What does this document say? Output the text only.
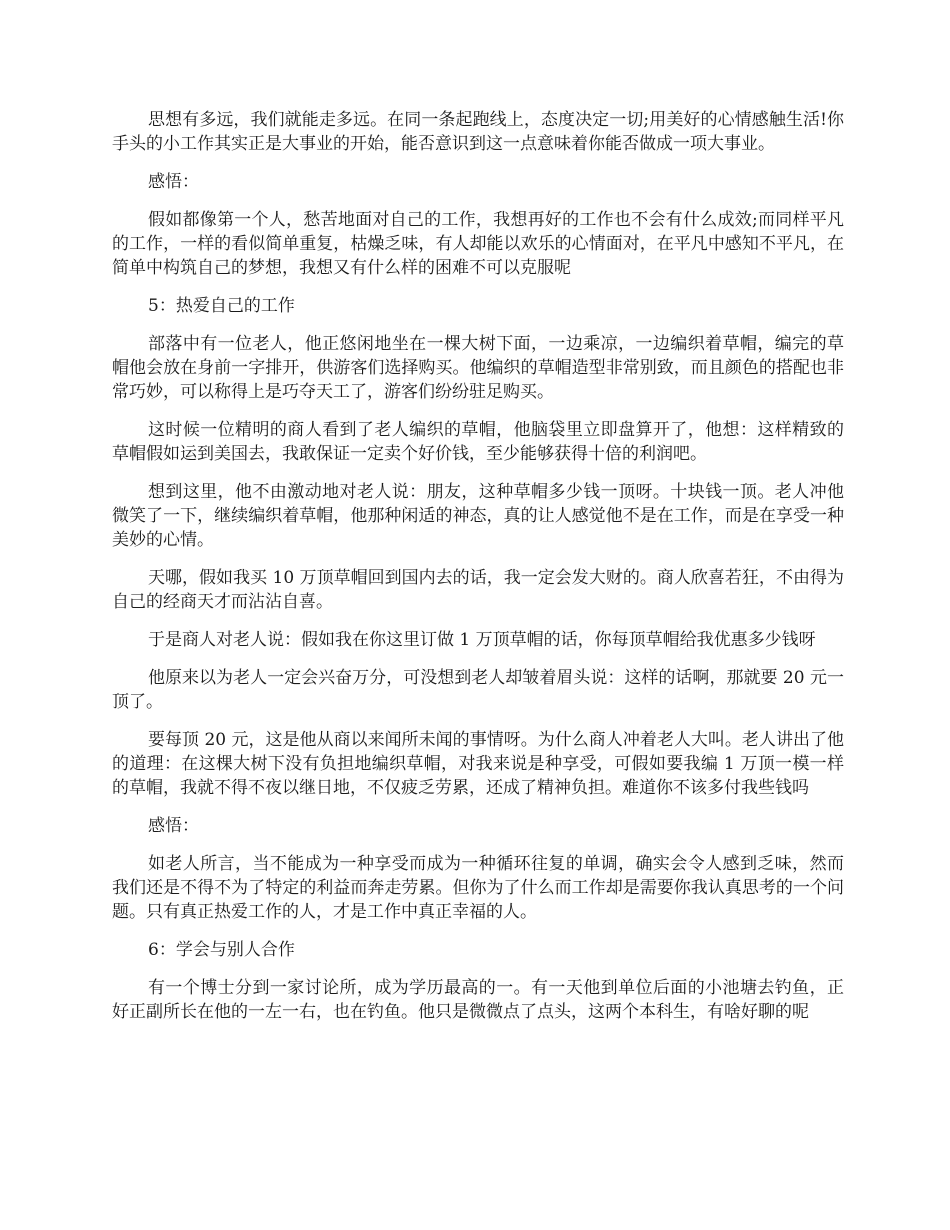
思想有多远，我们就能走多远。在同一条起跑线上，态度决定一切;用美好的心情感触生活!你手头的小工作其实正是大事业的开始，能否意识到这一点意味着你能否做成一项大事业。

感悟：

假如都像第一个人，愁苦地面对自己的工作，我想再好的工作也不会有什么成效;而同样平凡的工作，一样的看似简单重复，枯燥乏味，有人却能以欢乐的心情面对，在平凡中感知不平凡，在简单中构筑自己的梦想，我想又有什么样的困难不可以克服呢

5：热爱自己的工作

部落中有一位老人，他正悠闲地坐在一棵大树下面，一边乘凉，一边编织着草帽，编完的草帽他会放在身前一字排开，供游客们选择购买。他编织的草帽造型非常别致，而且颜色的搭配也非常巧妙，可以称得上是巧夺天工了，游客们纷纷驻足购买。

这时候一位精明的商人看到了老人编织的草帽，他脑袋里立即盘算开了，他想：这样精致的草帽假如运到美国去，我敢保证一定卖个好价钱，至少能够获得十倍的利润吧。

想到这里，他不由激动地对老人说：朋友，这种草帽多少钱一顶呀。十块钱一顶。老人冲他微笑了一下，继续编织着草帽，他那种闲适的神态，真的让人感觉他不是在工作，而是在享受一种美妙的心情。

天哪，假如我买 10 万顶草帽回到国内去的话，我一定会发大财的。商人欣喜若狂，不由得为自己的经商天才而沾沾自喜。

于是商人对老人说：假如我在你这里订做 1 万顶草帽的话，你每顶草帽给我优惠多少钱呀

他原来以为老人一定会兴奋万分，可没想到老人却皱着眉头说：这样的话啊，那就要 20 元一顶了。

要每顶 20 元，这是他从商以来闻所未闻的事情呀。为什么商人冲着老人大叫。老人讲出了他的道理：在这棵大树下没有负担地编织草帽，对我来说是种享受，可假如要我编 1 万顶一模一样的草帽，我就不得不夜以继日地，不仅疲乏劳累，还成了精神负担。难道你不该多付我些钱吗

感悟：

如老人所言，当不能成为一种享受而成为一种循环往复的单调，确实会令人感到乏味，然而我们还是不得不为了特定的利益而奔走劳累。但你为了什么而工作却是需要你我认真思考的一个问题。只有真正热爱工作的人，才是工作中真正幸福的人。

6：学会与别人合作

有一个博士分到一家讨论所，成为学历最高的一。有一天他到单位后面的小池塘去钓鱼，正好正副所长在他的一左一右，也在钓鱼。他只是微微点了点头，这两个本科生，有啥好聊的呢
